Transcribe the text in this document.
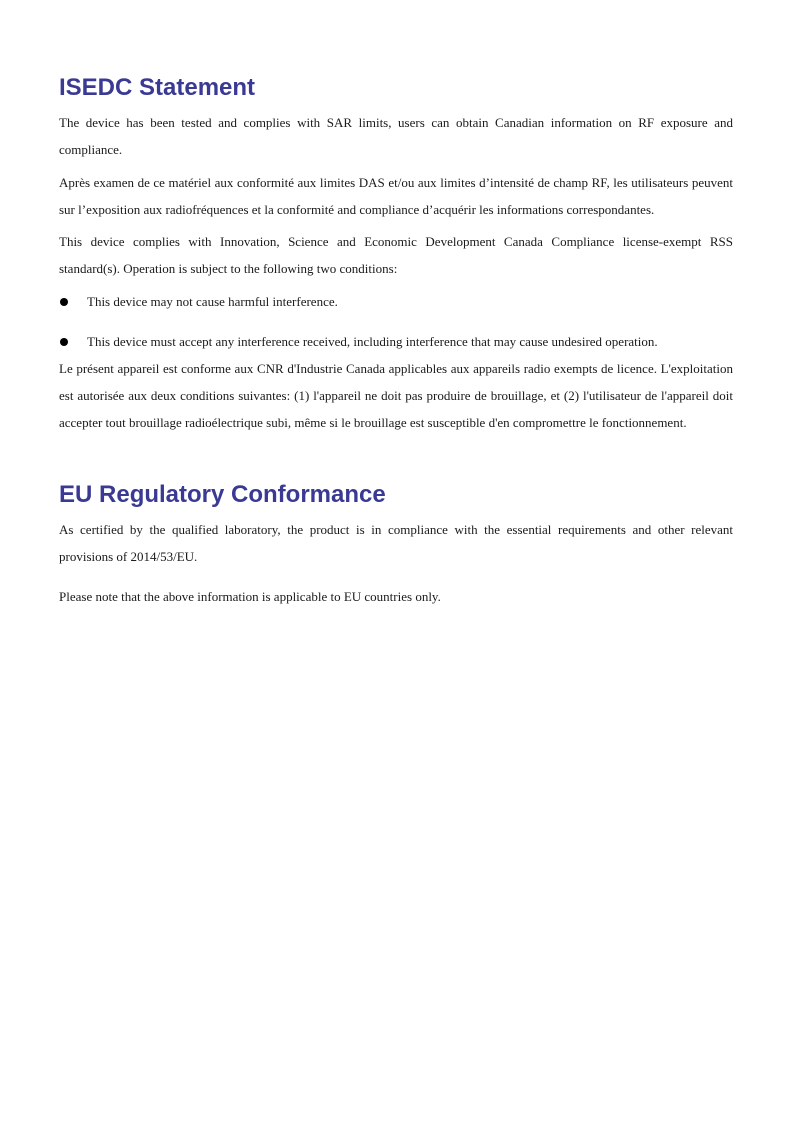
ISEDC Statement

The device has been tested and complies with SAR limits, users can obtain Canadian information on RF exposure and compliance.

Après examen de ce matériel aux conformité aux limites DAS et/ou aux limites d’intensité de champ RF, les utilisateurs peuvent sur l’exposition aux radiofréquences et la conformité and compliance d’acquérir les informations correspondantes.

This device complies with Innovation, Science and Economic Development Canada Compliance license-exempt RSS standard(s). Operation is subject to the following two conditions:

This device may not cause harmful interference.
This device must accept any interference received, including interference that may cause undesired operation.

Le présent appareil est conforme aux CNR d'Industrie Canada applicables aux appareils radio exempts de licence. L'exploitation est autorisée aux deux conditions suivantes: (1) l'appareil ne doit pas produire de brouillage, et (2) l'utilisateur de l'appareil doit accepter tout brouillage radioélectrique subi, même si le brouillage est susceptible d'en compromettre le fonctionnement.

EU Regulatory Conformance

As certified by the qualified laboratory, the product is in compliance with the essential requirements and other relevant provisions of 2014/53/EU.

Please note that the above information is applicable to EU countries only.
